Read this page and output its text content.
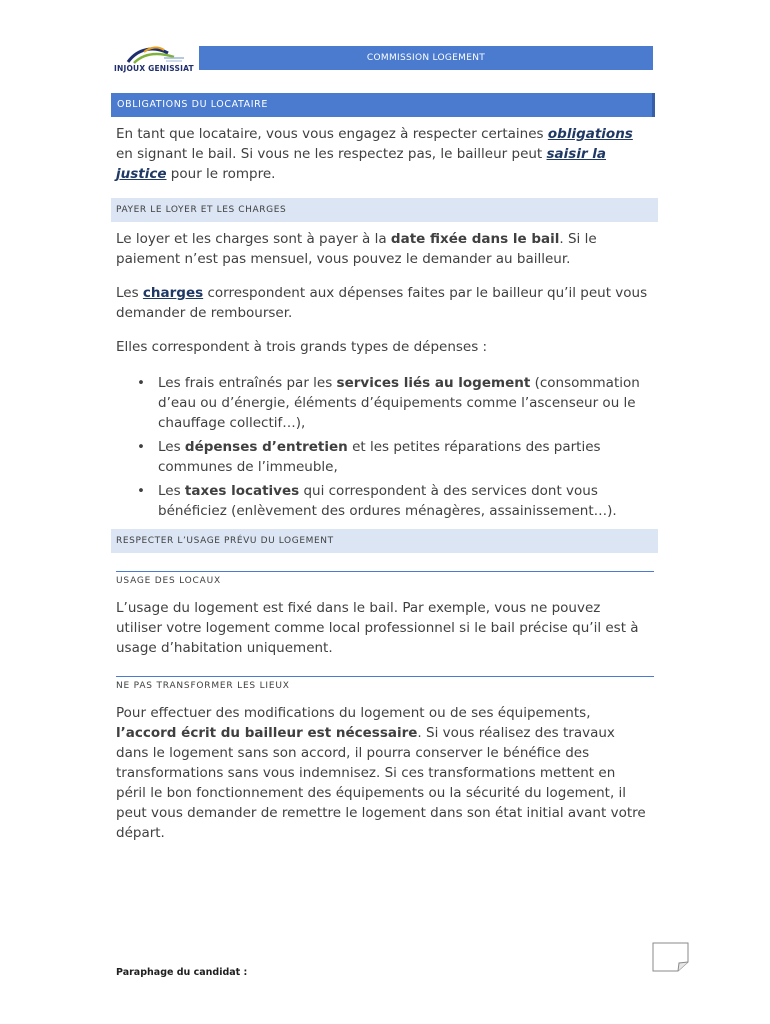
INJOUX GENISSIAT
COMMISSION LOGEMENT
OBLIGATIONS DU LOCATAIRE
En tant que locataire, vous vous engagez à respecter certaines obligations en signant le bail. Si vous ne les respectez pas, le bailleur peut saisir la justice pour le rompre.
PAYER LE LOYER ET LES CHARGES
Le loyer et les charges sont à payer à la date fixée dans le bail. Si le paiement n’est pas mensuel, vous pouvez le demander au bailleur.
Les charges correspondent aux dépenses faites par le bailleur qu’il peut vous demander de rembourser.
Elles correspondent à trois grands types de dépenses :
• Les frais entraînés par les services liés au logement (consommation d’eau ou d’énergie, éléments d’équipements comme l’ascenseur ou le chauffage collectif…),
• Les dépenses d’entretien et les petites réparations des parties communes de l’immeuble,
• Les taxes locatives qui correspondent à des services dont vous bénéficiez (enlèvement des ordures ménagères, assainissement…).
RESPECTER L’USAGE PRÉVU DU LOGEMENT
USAGE DES LOCAUX
L’usage du logement est fixé dans le bail. Par exemple, vous ne pouvez utiliser votre logement comme local professionnel si le bail précise qu’il est à usage d’habitation uniquement.
NE PAS TRANSFORMER LES LIEUX
Pour effectuer des modifications du logement ou de ses équipements, l’accord écrit du bailleur est nécessaire. Si vous réalisez des travaux dans le logement sans son accord, il pourra conserver le bénéfice des transformations sans vous indemnisez. Si ces transformations mettent en péril le bon fonctionnement des équipements ou la sécurité du logement, il peut vous demander de remettre le logement dans son état initial avant votre départ.
Paraphage du candidat :
